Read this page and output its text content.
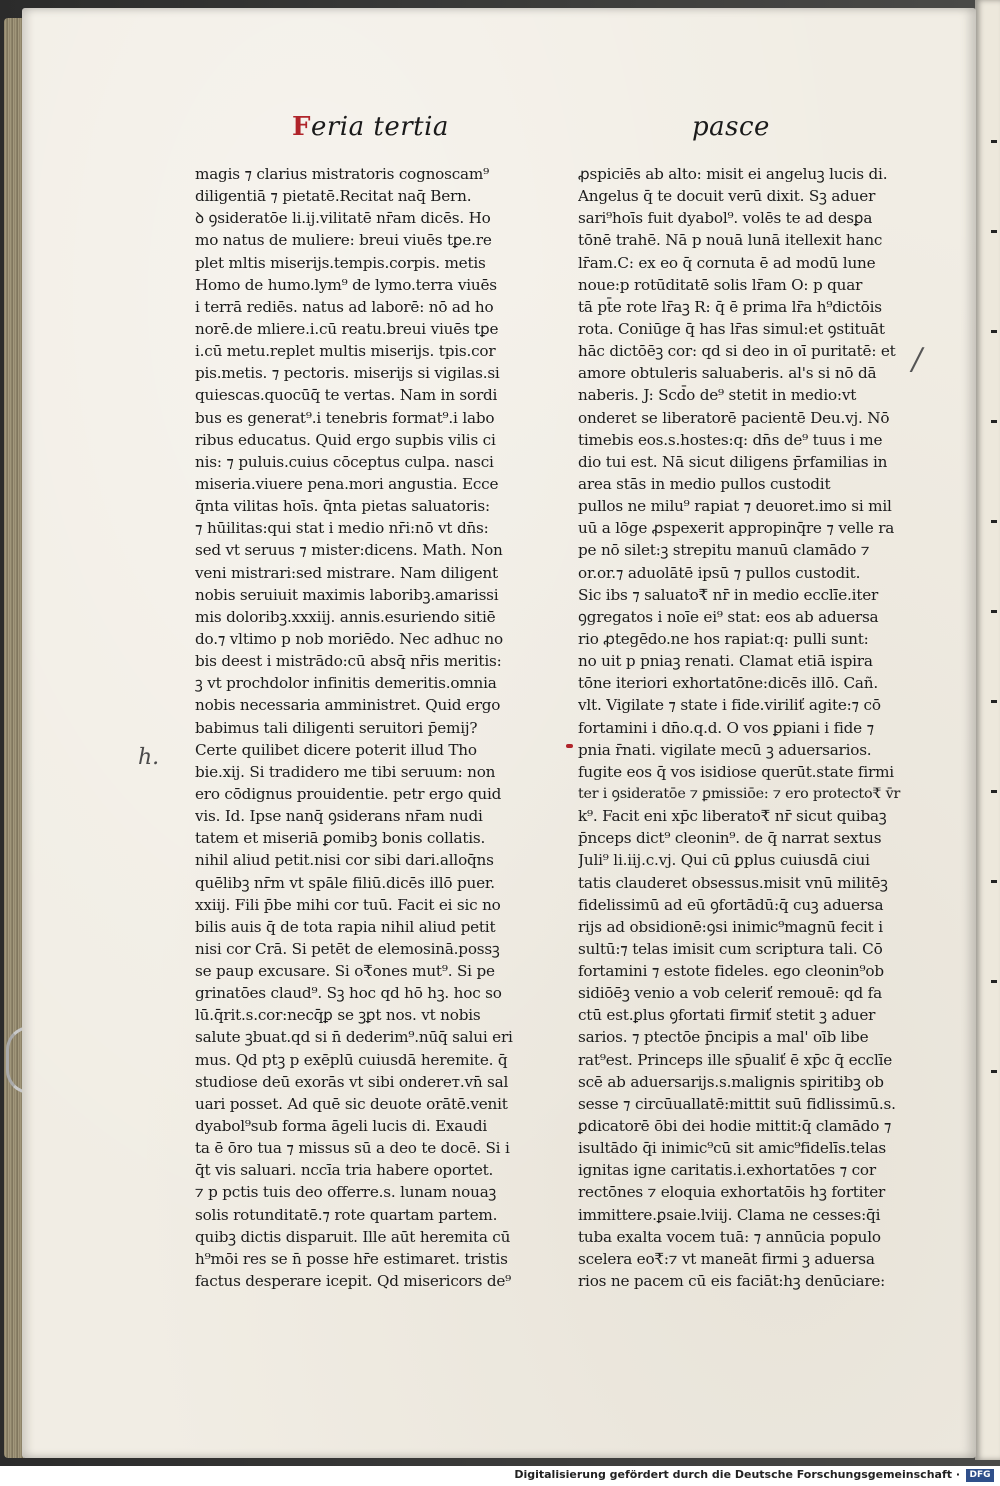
Feria tertia	pasce
magis ⁊ clarius mistratoris cognoscam⁹
diligentiā ⁊ pietatē.Recitat naq̄ Bern.
ꝺ ꝯsideratōe li.ij.vilitatē nr̄am dicēs. Ho
mo natus de muliere: breui viuēs tꝑe.re
plet mltis miserijs.tempis.corpis. metis
Homo de humo.lym⁹ de lymo.terra viuēs
i terrā rediēs. natus ad laborē: nō ad ho
norē.de mliere.i.cū reatu.breui viuēs tꝑe
i.cū metu.replet multis miserijs. tpis.cor
pis.metis. ⁊ pectoris. miserijs si vigilas.si
quiescas.quocūq̄ te vertas. Nam in sordi
bus es generat⁹.i tenebris format⁹.i labo
ribus educatus. Quid ergo supbis vilis ci
nis: ⁊ puluis.cuius cōceptus culpa. nasci
miseria.viuere pena.mori angustia. Ecce
q̄nta vilitas hoīs. q̄nta pietas saluatoris:
⁊ hūilitas:qui stat i medio nr̄i:nō vt dn̄s:
sed vt seruus ⁊ mister:dicens. Math. Non
veni mistrari:sed mistrare. Nam diligent
nobis seruiuit maximis laboribꝫ.amarissi
mis doloribꝫ.xxxiij. annis.esuriendo sitiē
do.⁊ vltimo p nob moriēdo. Nec adhuc no
bis deest i mistrādo:cū absq̄ nr̄is meritis:
ꝫ vt prochdolor infinitis demeritis.omnia
nobis necessaria amministret. Quid ergo
babimus tali diligenti seruitori p̄emij?
Certe quilibet dicere poterit illud Tho
bie.xij. Si tradidero me tibi seruum: non
ero cōdignus prouidentie. petr ergo quid
vis. Id. Ipse nanq̄ ꝯsiderans nr̄am nudi
tatem et miseriā ꝑomibꝫ bonis collatis.
nihil aliud petit.nisi cor sibi dari.alloq̄ns
quēlibꝫ nr̄m vt spāle filiū.dicēs illō puer.
xxiij. Fili p̄be mihi cor tuū. Facit ei sic no
bilis auis q̄ de tota rapia nihil aliud petit
nisi cor Crā. Si petēt de elemosinā.possꝫ
se paup excusare. Si o₹ones mut⁹. Si pe
grinatōes claud⁹. Sꝫ hoc qd hō hꝫ. hoc so
lū.q̄rit.s.cor:necq̄ꝑ se ꝫꝑt nos. vt nobis
salute ꝫbuat.qd si n̄ dederim⁹.nūq̄ salui eri
mus. Qd ptꝫ p exēplū cuiusdā heremite. q̄
studiose deū exorās vt sibi ondereт.vn̄ sal
uari posset. Ad quē sic deuote orātē.venit
dyabol⁹sub forma āgeli lucis di. Exaudi
ta ē ōro tua ⁊ missus sū a deo te docē. Si i
q̄t vis saluari. nccīa tria habere oportet.
⁊ p pctis tuis deo offerre.s. lunam nouaꝫ
solis rotunditatē.⁊ rote quartam partem.
quibꝫ dictis disparuit. Ille aūt heremita cū
h⁹mōi res se n̄ posse hr̄e estimaret. tristis
factus desperare icepit. Qd misericors de⁹
ꝓspiciēs ab alto: misit ei angeluꝫ lucis di.
Angelus q̄ te docuit verū dixit. Sꝫ aduer
sari⁹hoīs fuit dyabol⁹. volēs te ad desꝑa
tōnē trahē. Nā p nouā lunā itellexit hanc
lr̄am.C: ex eo q̄ cornuta ē ad modū lune
noue:p rotūditatē solis lr̄am O: p quar
tā pt̄e rote lr̄aꝫ R: q̄ ē prima lr̄a h⁹dictōis
rota. Coniūge q̄ has lr̄as simul:et ꝯstituāt
hāc dictōēꝫ cor: qd si deo in oī puritatē: et
amore obtuleris saluaberis. al's si nō dā
naberis. J: Scd̄o de⁹ stetit in medio:vt
onderet se liberatorē pacientē Deu.vj. Nō
timebis eos.s.hostes:q: dn̄s de⁹ tuus i me
dio tui est. Nā sicut diligens p̄rfamilias in
area stās in medio pullos custodit
pullos ne milu⁹ rapiat ⁊ deuoret.imo si mil
uū a lōge ꝓspexerit appropinq̄re ⁊ velle ra
pe nō silet:ꝫ strepitu manuū clamādo ⁊
or.or.⁊ aduolātē ipsū ⁊ pullos custodit.
Sic ibs ⁊ saluato₹ nr̄ in medio ecclīe.iter
ꝯgregatos i noīe ei⁹ stat: eos ab aduersa
rio ꝓtegēdo.ne hos rapiat:q: pulli sunt:
no uit p pniaꝫ renati. Clamat etiā ispira
tōne iteriori exhortatōne:dicēs illō. Cañ.
vlt. Vigilate ⁊ state i fide.viriliť agite:⁊ cō
fortamini i dn̄o.q.d. O vos ꝑpiani i fide ⁊
pnia r̄nati. vigilate mecū ꝫ aduersarios.
fugite eos q̄ vos isidiose querūt.state firmi
ter i ꝯsideratōe ⁊ ꝑmissiōe: ⁊ ero protecto₹ v̄r
k⁹. Facit eni xp̄c liberato₹ nr̄ sicut quibaꝫ
p̄nceps dict⁹ cleonin⁹. de q̄ narrat sextus
Juli⁹ li.iij.c.vj. Qui cū ꝑplus cuiusdā ciui
tatis clauderet obsessus.misit vnū militēꝫ
fidelissimū ad eū ꝯfortādū:q̄ cuꝫ aduersa
rijs ad obsidionē:ꝯsi inimic⁹magnū fecit i
sultū:⁊ telas imisit cum scriptura tali. Cō
fortamini ⁊ estote fideles. ego cleonin⁹ob
sidiōēꝫ venio a vob celeriť remouē: qd fa
ctū est.ꝑlus ꝯfortati firmiť stetit ꝫ aduer
sarios. ⁊ ptectōe p̄ncipis a mal' oīb libe
rat⁹est. Princeps ille sp̄ualiť ē xp̄c q̄ ecclīe
scē ab aduersarijs.s.malignis spiritibꝫ ob
sesse ⁊ circūuallatē:mittit suū fidlissimū.s.
ꝑdicatorē ōbi dei hodie mittit:q̄ clamādo ⁊
isultādo q̄i inimic⁹cū sit amic⁹fidelīs.telas
ignitas igne caritatis.i.exhortatōes ⁊ cor
rectōnes ⁊ eloquia exhortatōis hꝫ fortiter
immittere.ꝑsaie.lviij. Clama ne cesses:q̄i
tuba exalta vocem tuā: ⁊ annūcia populo
scelera eo₹:⁊ vt maneāt firmi ꝫ aduersa
rios ne pacem cū eis faciāt:hꝫ denūciare:
h.
/
Digitalisierung gefördert durch die Deutsche Forschungsgemeinschaft ·	DFG
